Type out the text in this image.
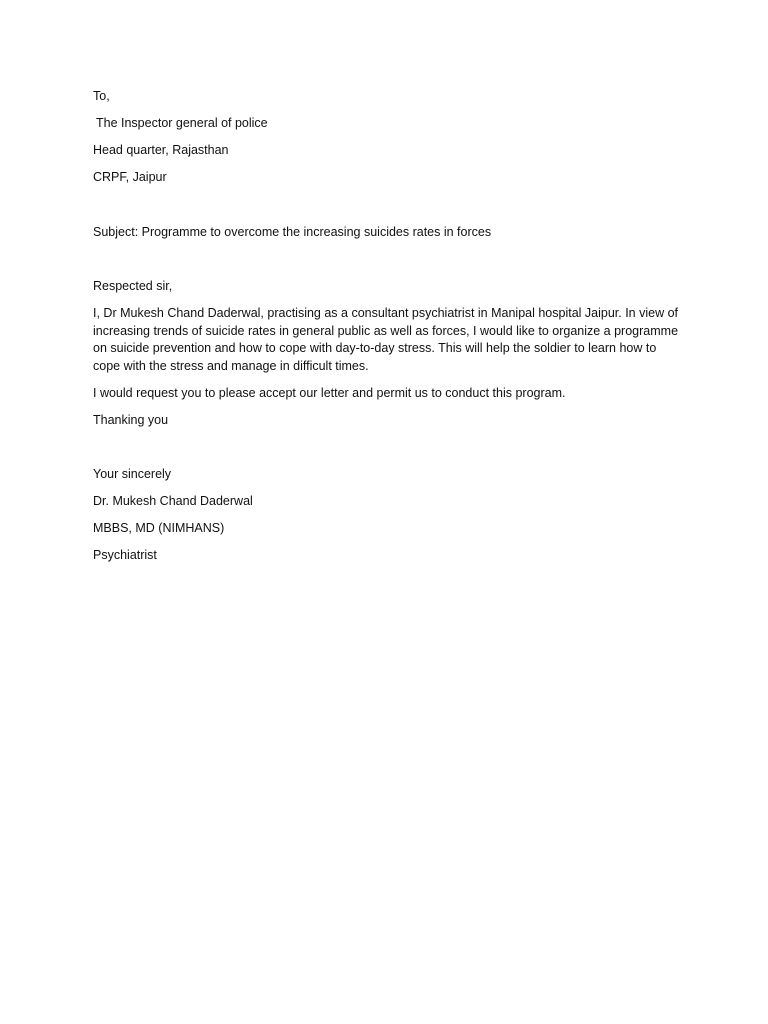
To,

The Inspector general of police

Head quarter, Rajasthan

CRPF, Jaipur

Subject: Programme to overcome the increasing suicides rates in forces

Respected sir,

I, Dr Mukesh Chand Daderwal, practising as a consultant psychiatrist in Manipal hospital Jaipur. In view of increasing trends of suicide rates in general public as well as forces, I would like to organize a programme on suicide prevention and how to cope with day-to-day stress. This will help the soldier to learn how to cope with the stress and manage in difficult times.

I would request you to please accept our letter and permit us to conduct this program.

Thanking you

Your sincerely

Dr. Mukesh Chand Daderwal

MBBS, MD (NIMHANS)

Psychiatrist
